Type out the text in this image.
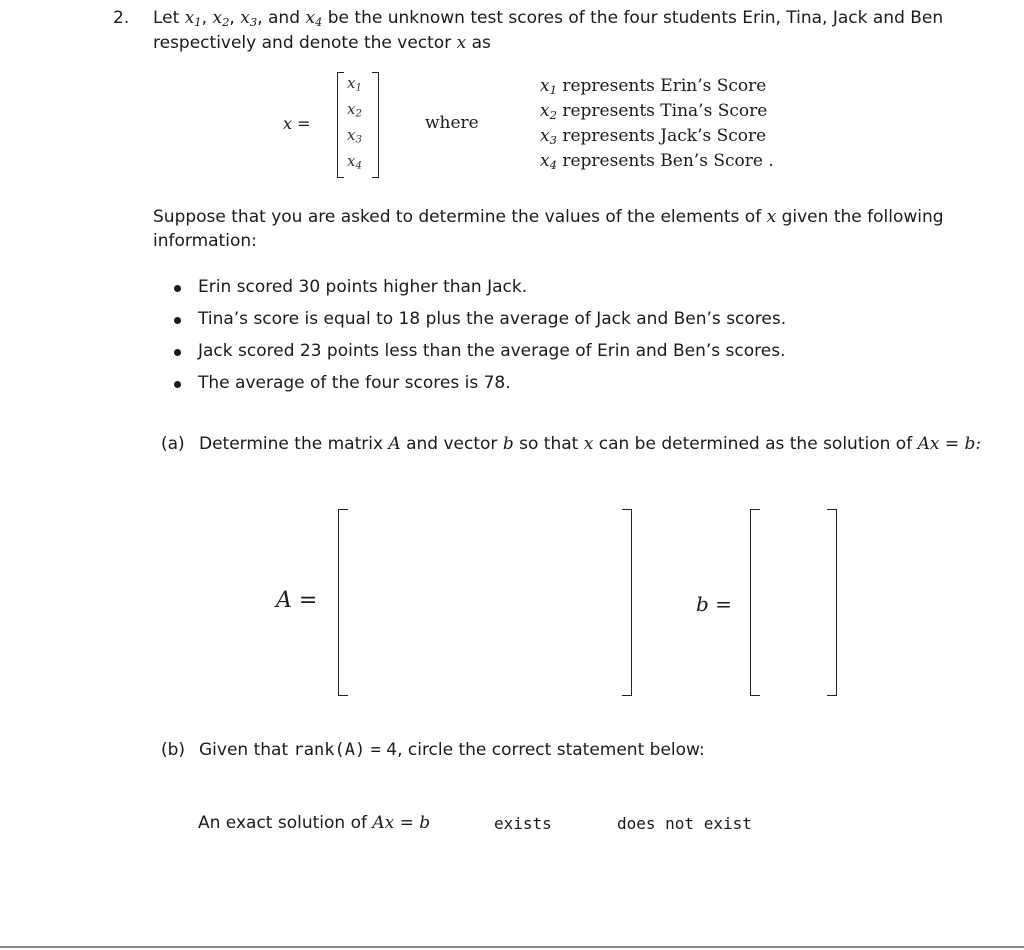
2. Let $x_1$, $x_2$, $x_3$, and $x_4$ be the unknown test scores of the four students Erin, Tina, Jack and Ben
respectively and denote the vector x as
x =
$x_1$
$x_2$
$x_3$
$x_4$
where
$x_1$ represents Erin’s Score
$x_2$ represents Tina’s Score
$x_3$ represents Jack’s Score
$x_4$ represents Ben’s Score .
Suppose that you are asked to determine the values of the elements of x given the following
information:
Erin scored 30 points higher than Jack.
Tina’s score is equal to 18 plus the average of Jack and Ben’s scores.
Jack scored 23 points less than the average of Erin and Ben’s scores.
The average of the four scores is 78.
(a) Determine the matrix A and vector b so that x can be determined as the solution of Ax = b:
A =	b =
(b) Given that rank(A) = 4, circle the correct statement below:
An exact solution of Ax = b	exists	does not exist
